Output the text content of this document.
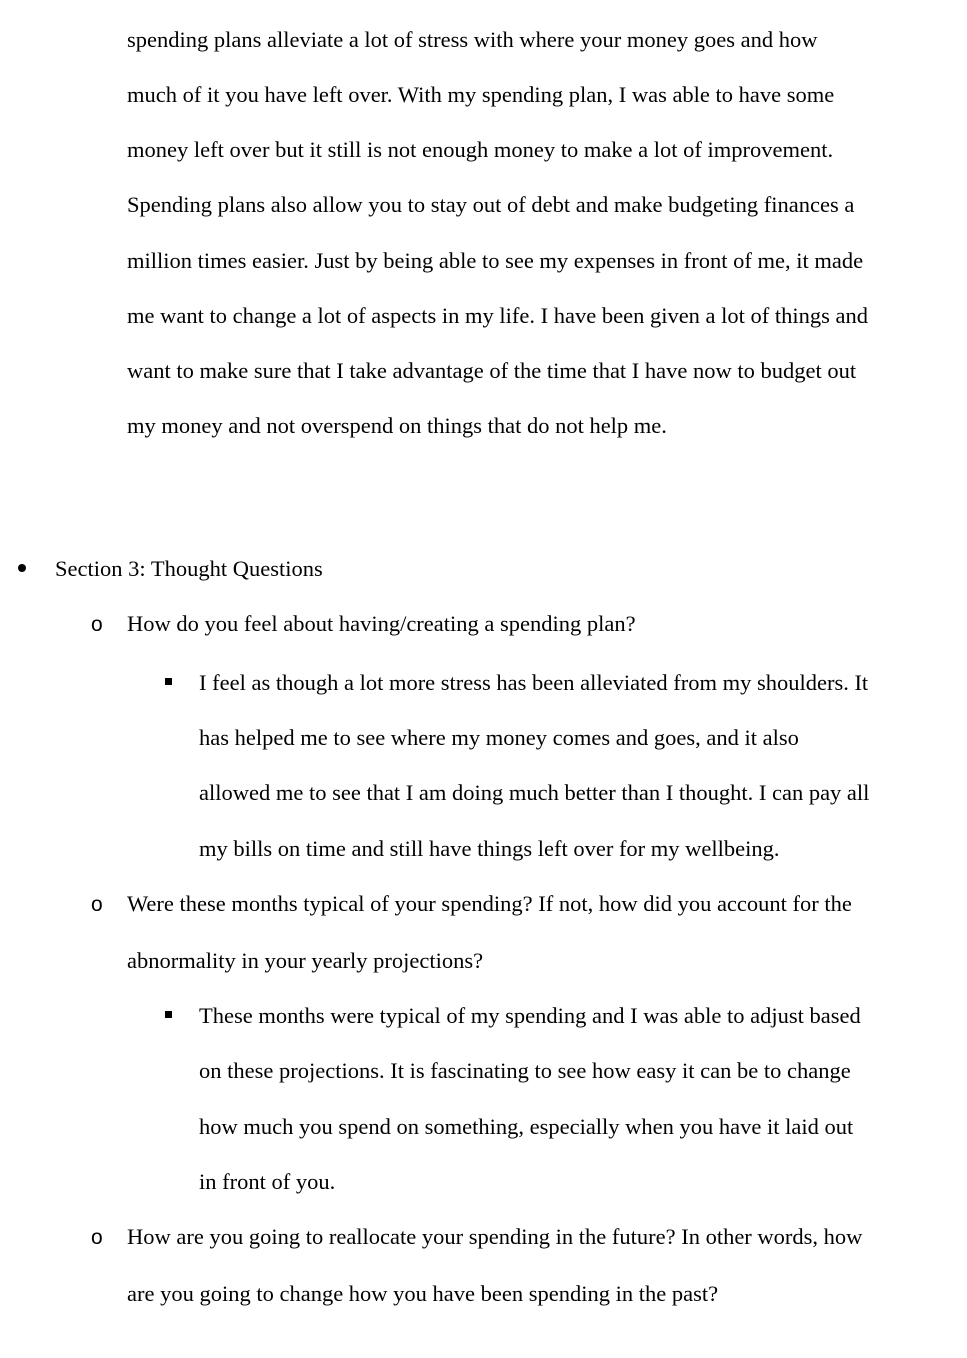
spending plans alleviate a lot of stress with where your money goes and how
much of it you have left over. With my spending plan, I was able to have some
money left over but it still is not enough money to make a lot of improvement.
Spending plans also allow you to stay out of debt and make budgeting finances a
million times easier. Just by being able to see my expenses in front of me, it made
me want to change a lot of aspects in my life. I have been given a lot of things and
want to make sure that I take advantage of the time that I have now to budget out
my money and not overspend on things that do not help me.
Section 3: Thought Questions
o How do you feel about having/creating a spending plan?
I feel as though a lot more stress has been alleviated from my shoulders. It
has helped me to see where my money comes and goes, and it also
allowed me to see that I am doing much better than I thought. I can pay all
my bills on time and still have things left over for my wellbeing.
o Were these months typical of your spending? If not, how did you account for the
abnormality in your yearly projections?
These months were typical of my spending and I was able to adjust based
on these projections. It is fascinating to see how easy it can be to change
how much you spend on something, especially when you have it laid out
in front of you.
o How are you going to reallocate your spending in the future? In other words, how
are you going to change how you have been spending in the past?
